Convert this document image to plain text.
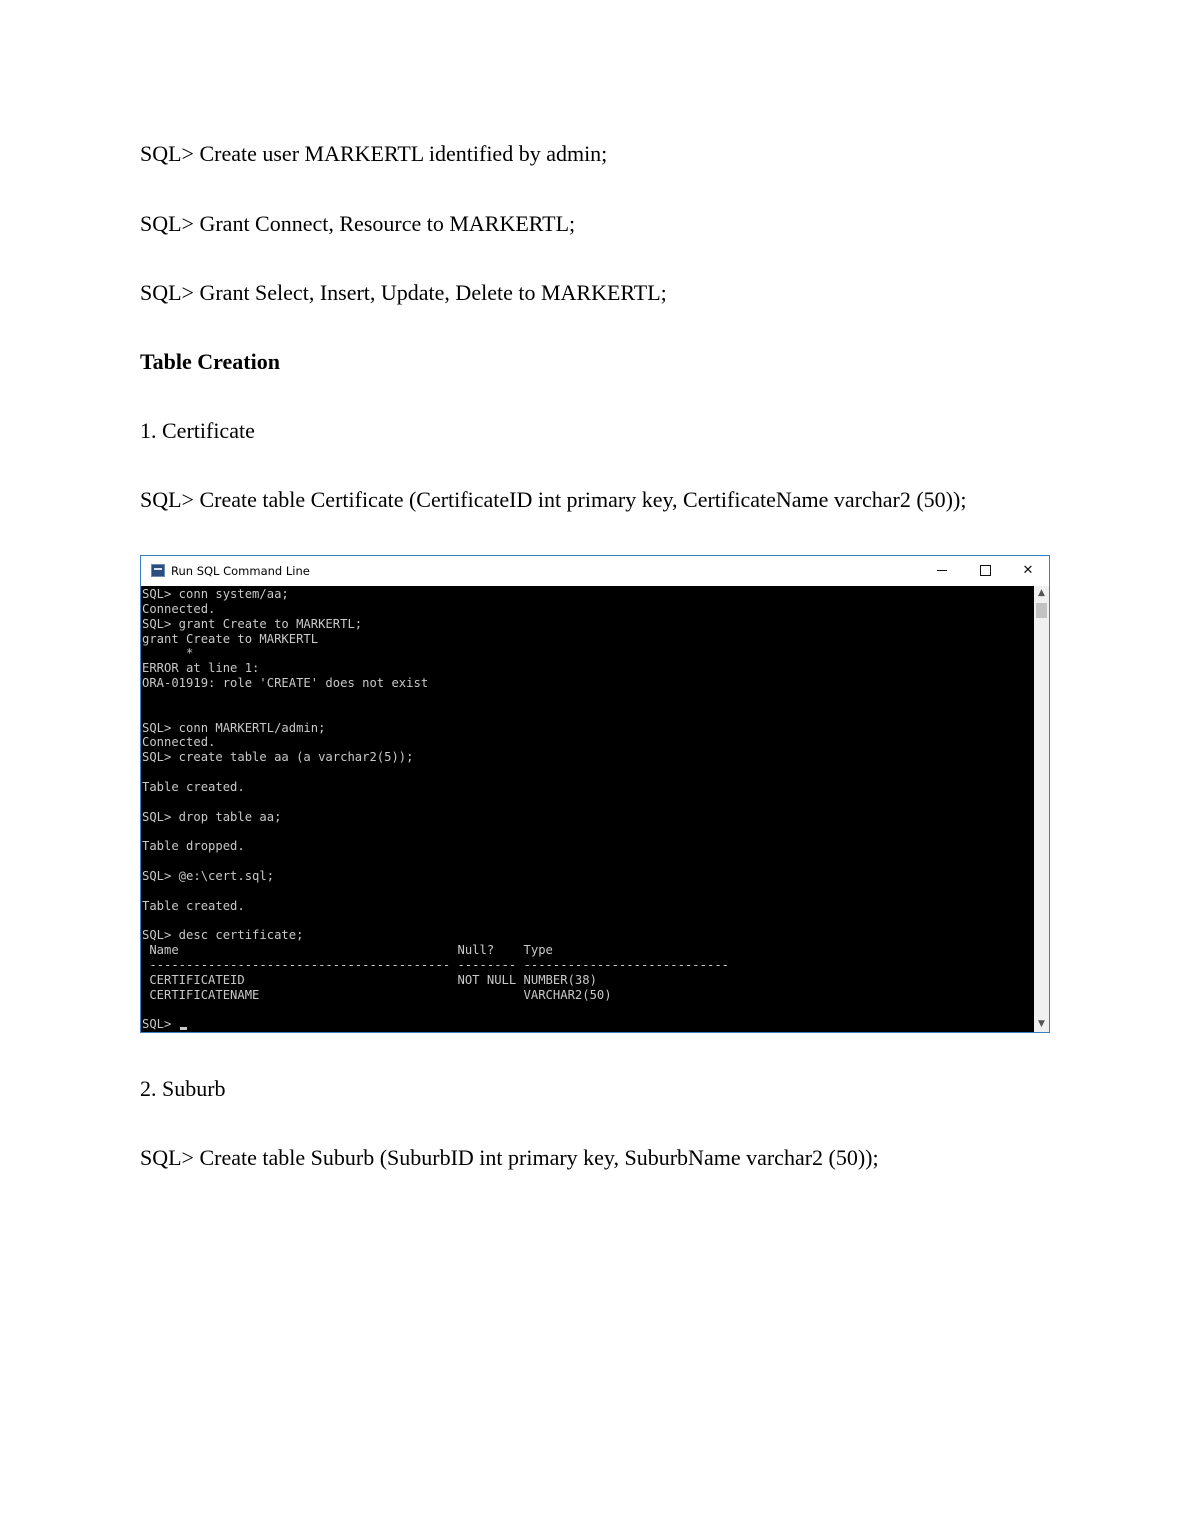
SQL> Create user MARKERTL identified by admin;
SQL> Grant Connect, Resource to MARKERTL;
SQL> Grant Select, Insert, Update, Delete to MARKERTL;
Table Creation
1. Certificate
SQL> Create table Certificate (CertificateID int primary key, CertificateName varchar2 (50));
Run SQL Command Line	✕
SQL> conn system/aa;
Connected.
SQL> grant Create to MARKERTL;
grant Create to MARKERTL
*
ERROR at line 1:
ORA-01919: role 'CREATE' does not exist
SQL> conn MARKERTL/admin;
Connected.
SQL> create table aa (a varchar2(5));
Table created.
SQL> drop table aa;
Table dropped.
SQL> @e:\cert.sql;
Table created.
SQL> desc certificate;
Name                                      Null?    Type
----------------------------------------- -------- ----------------------------
CERTIFICATEID                             NOT NULL NUMBER(38)
CERTIFICATENAME                                    VARCHAR2(50)
SQL>
▲
▼
2. Suburb
SQL> Create table Suburb (SuburbID int primary key, SuburbName varchar2 (50));
